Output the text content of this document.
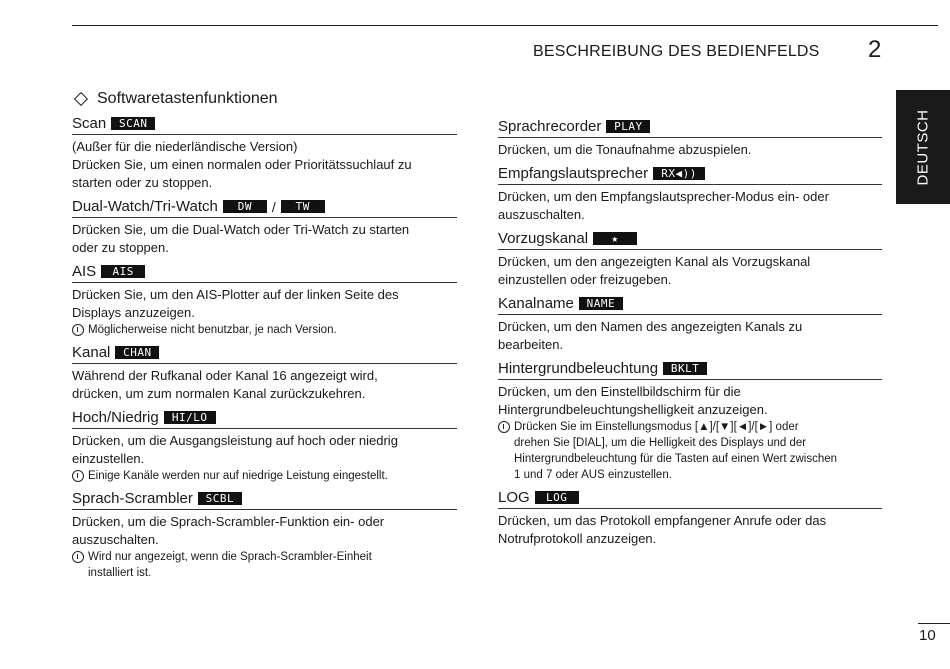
BESCHREIBUNG DES BEDIENFELDS 2
DEUTSCH
Softwaretastenfunktionen
Scan	SCAN
(Außer für die niederländische Version)
Drücken Sie, um einen normalen oder Prioritätssuchlauf zu
starten oder zu stoppen.
Dual-Watch/Tri-Watch	DW	/	TW
Drücken Sie, um die Dual-Watch oder Tri-Watch zu starten
oder zu stoppen.
AIS	AIS
Drücken Sie, um den AIS-Plotter auf der linken Seite des
Displays anzuzeigen.
Möglicherweise nicht benutzbar, je nach Version.
Kanal	CHAN
Während der Rufkanal oder Kanal 16 angezeigt wird,
drücken, um zum normalen Kanal zurückzukehren.
Hoch/Niedrig	HI/LO
Drücken, um die Ausgangsleistung auf hoch oder niedrig
einzustellen.
Einige Kanäle werden nur auf niedrige Leistung eingestellt.
Sprach-Scrambler	SCBL
Drücken, um die Sprach-Scrambler-Funktion ein- oder
auszuschalten.
Wird nur angezeigt, wenn die Sprach-Scrambler-Einheit
installiert ist.
Sprachrecorder	PLAY
Drücken, um die Tonaufnahme abzuspielen.
Empfangslautsprecher	RX◀))
Drücken, um den Empfangslautsprecher-Modus ein- oder
auszuschalten.
Vorzugskanal	★
Drücken, um den angezeigten Kanal als Vorzugskanal
einzustellen oder freizugeben.
Kanalname	NAME
Drücken, um den Namen des angezeigten Kanals zu
bearbeiten.
Hintergrundbeleuchtung	BKLT
Drücken, um den Einstellbildschirm für die
Hintergrundbeleuchtungshelligkeit anzuzeigen.
Drücken Sie im Einstellungsmodus [▲]/[▼][◄]/[►] oder
drehen Sie [DIAL], um die Helligkeit des Displays und der
Hintergrundbeleuchtung für die Tasten auf einen Wert zwischen
1 und 7 oder AUS einzustellen.
LOG	LOG
Drücken, um das Protokoll empfangener Anrufe oder das
Notrufprotokoll anzuzeigen.
10
